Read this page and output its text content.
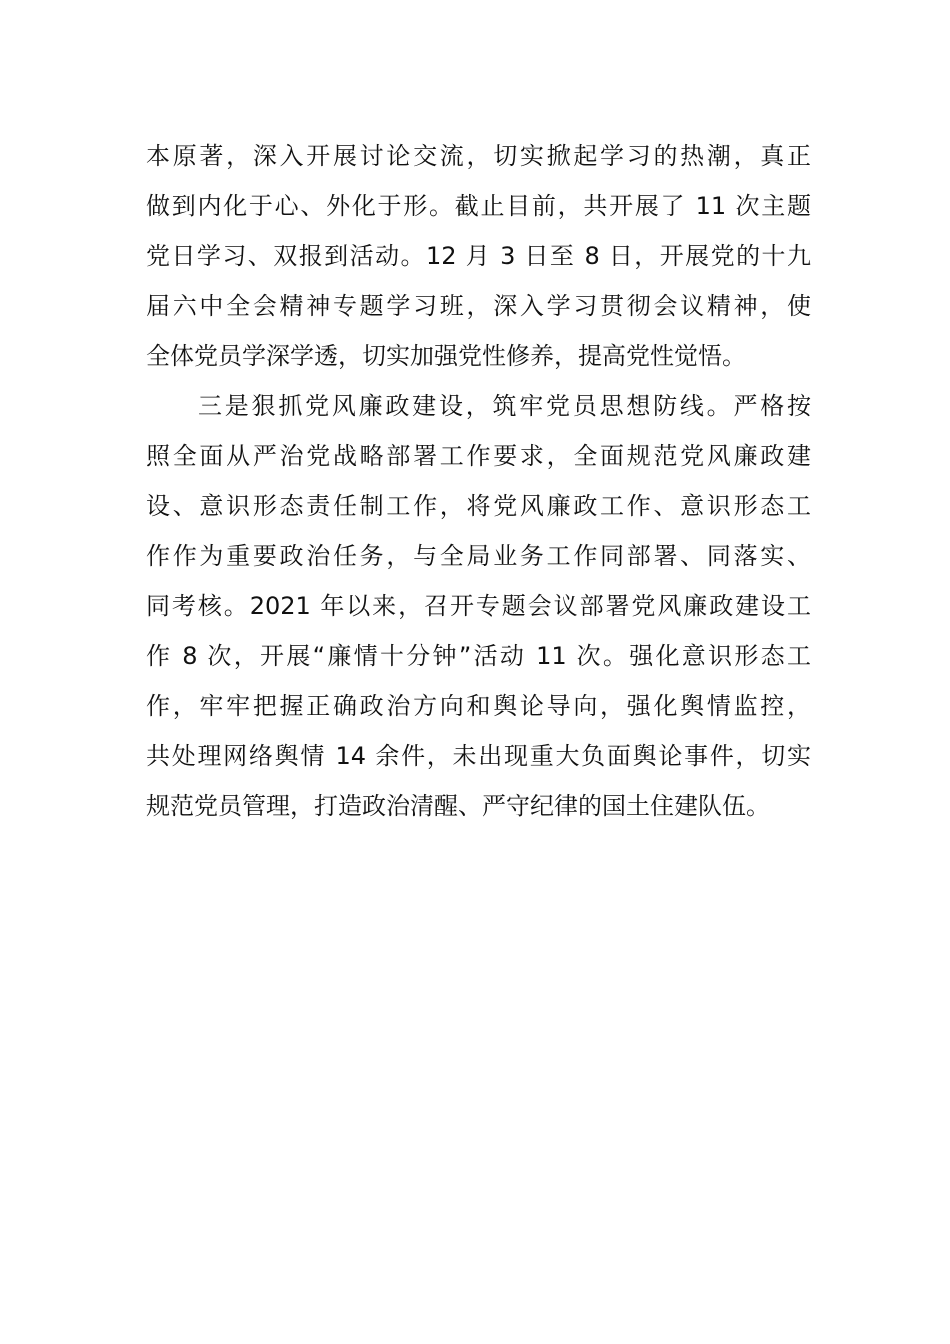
本原著，深入开展讨论交流，切实掀起学习的热潮，真正
做到内化于心、外化于形。截止目前，共开展了 11 次主题
党日学习、双报到活动。12 月 3 日至 8 日，开展党的十九
届六中全会精神专题学习班，深入学习贯彻会议精神，使
全体党员学深学透，切实加强党性修养，提高党性觉悟。
三是狠抓党风廉政建设，筑牢党员思想防线。严格按
照全面从严治党战略部署工作要求，全面规范党风廉政建
设、意识形态责任制工作，将党风廉政工作、意识形态工
作作为重要政治任务，与全局业务工作同部署、同落实、
同考核。2021 年以来，召开专题会议部署党风廉政建设工
作 8 次，开展“廉情十分钟”活动 11 次。强化意识形态工
作，牢牢把握正确政治方向和舆论导向，强化舆情监控，
共处理网络舆情 14 余件，未出现重大负面舆论事件，切实
规范党员管理，打造政治清醒、严守纪律的国土住建队伍。
